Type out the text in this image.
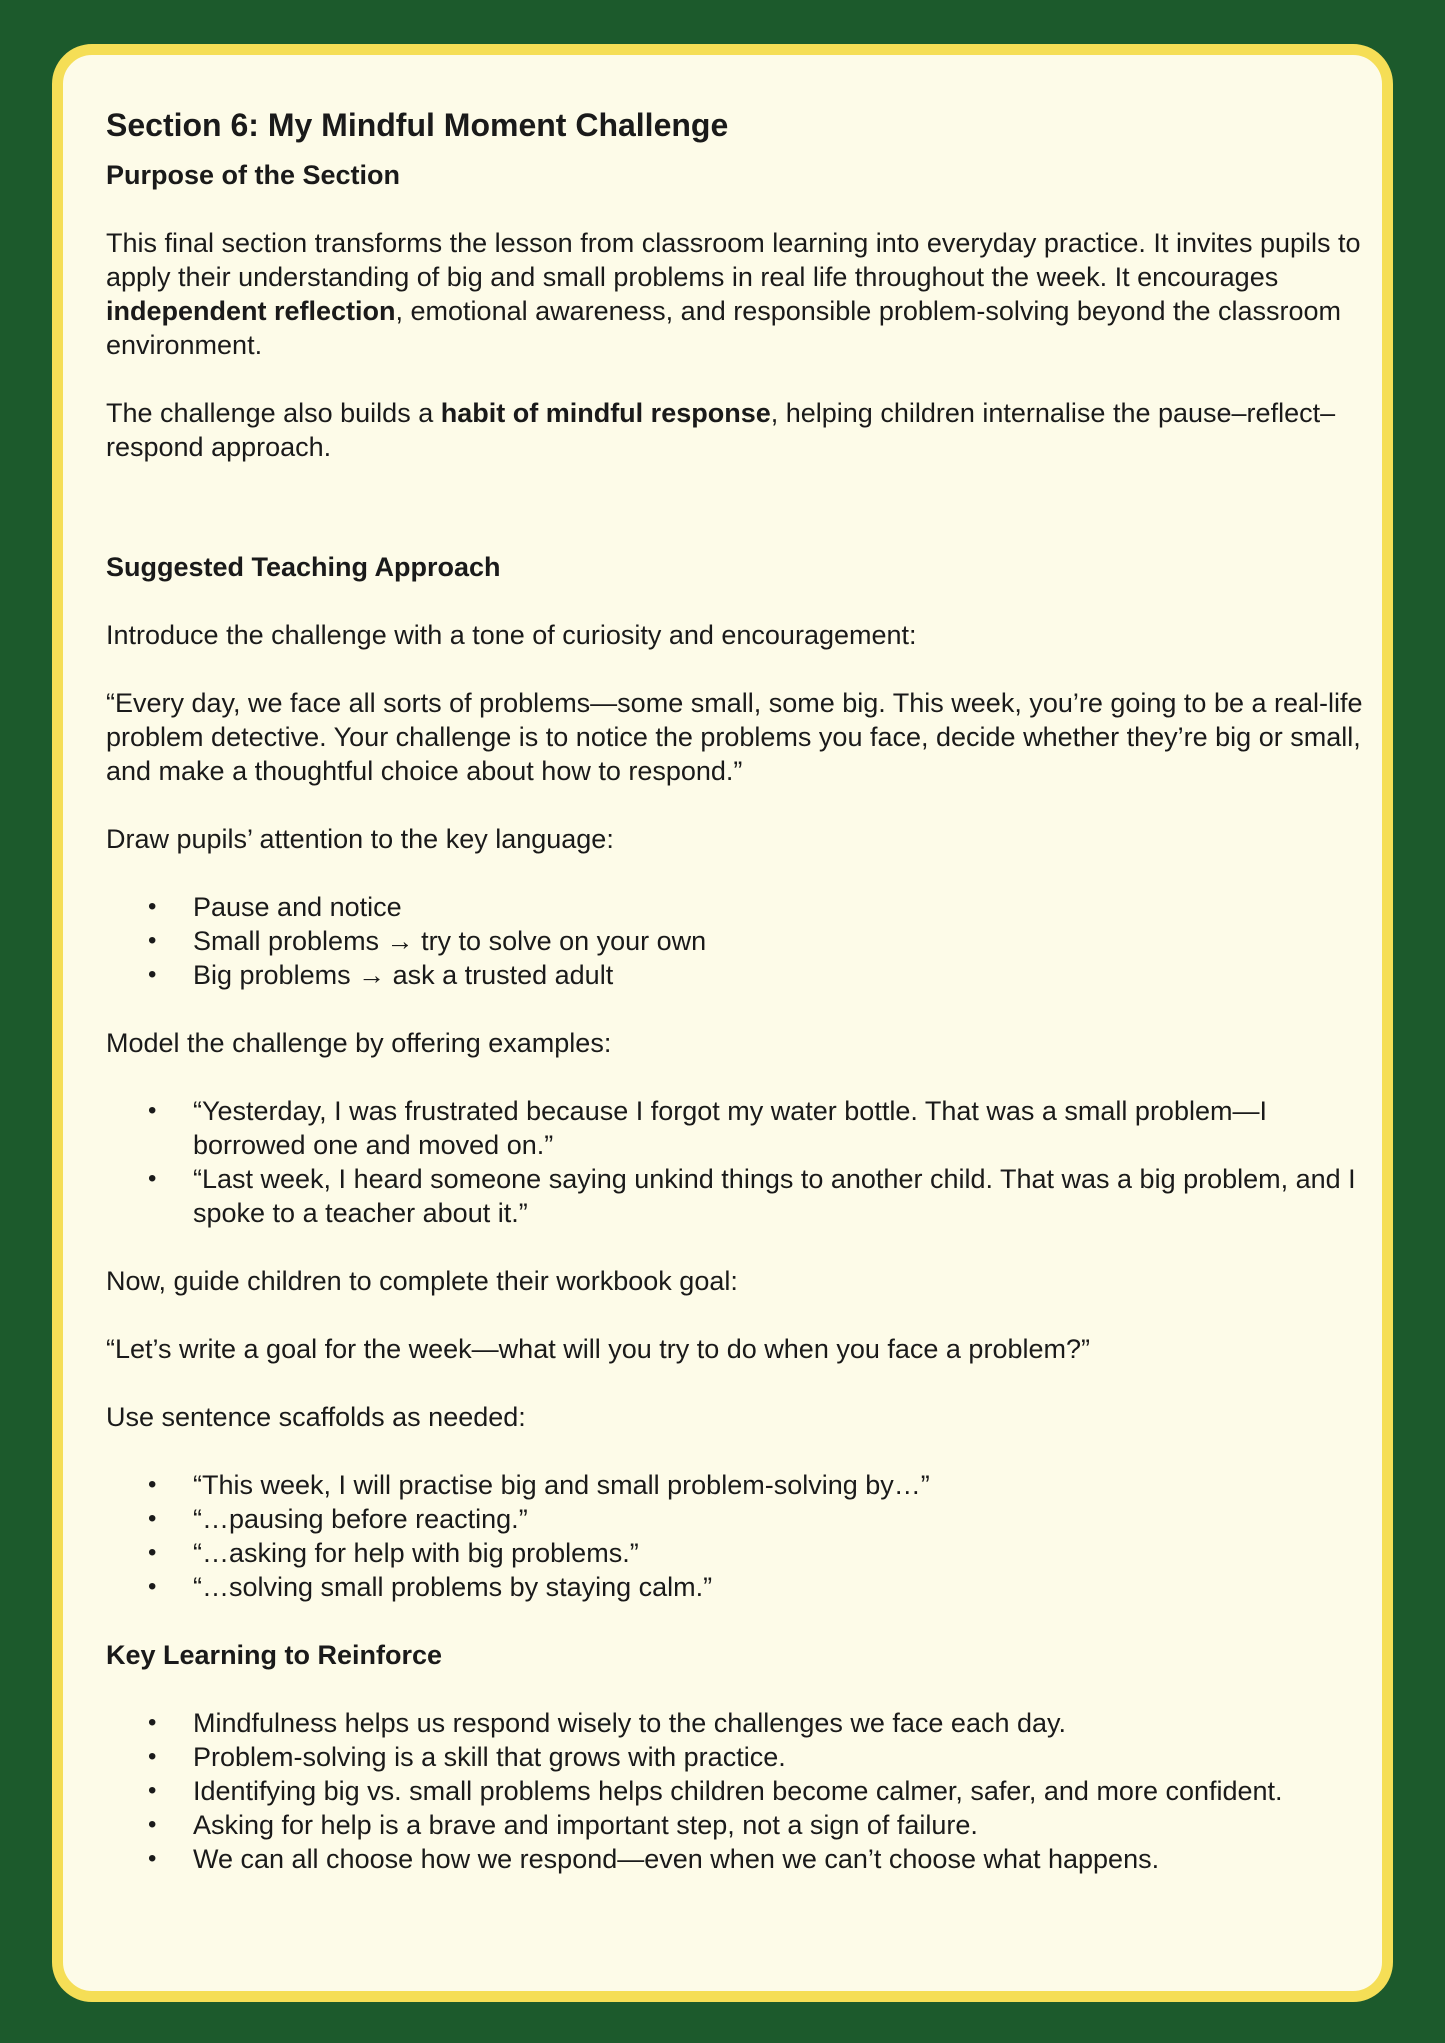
Section 6: My Mindful Moment Challenge
Purpose of the Section

This final section transforms the lesson from classroom learning into everyday practice. It invites pupils to apply their understanding of big and small problems in real life throughout the week. It encourages independent reflection, emotional awareness, and responsible problem-solving beyond the classroom environment.

The challenge also builds a habit of mindful response, helping children internalise the pause–reflect–respond approach.

Suggested Teaching Approach

Introduce the challenge with a tone of curiosity and encouragement:

“Every day, we face all sorts of problems—some small, some big. This week, you’re going to be a real-life problem detective. Your challenge is to notice the problems you face, decide whether they’re big or small, and make a thoughtful choice about how to respond.”

Draw pupils’ attention to the key language:

• Pause and notice
• Small problems → try to solve on your own
• Big problems → ask a trusted adult

Model the challenge by offering examples:

• “Yesterday, I was frustrated because I forgot my water bottle. That was a small problem—I borrowed one and moved on.”
• “Last week, I heard someone saying unkind things to another child. That was a big problem, and I spoke to a teacher about it.”

Now, guide children to complete their workbook goal:

“Let’s write a goal for the week—what will you try to do when you face a problem?”

Use sentence scaffolds as needed:

• “This week, I will practise big and small problem-solving by…”
• “…pausing before reacting.”
• “…asking for help with big problems.”
• “…solving small problems by staying calm.”
Key Learning to Reinforce
• Mindfulness helps us respond wisely to the challenges we face each day.
• Problem-solving is a skill that grows with practice.
• Identifying big vs. small problems helps children become calmer, safer, and more confident.
• Asking for help is a brave and important step, not a sign of failure.
• We can all choose how we respond—even when we can’t choose what happens.
